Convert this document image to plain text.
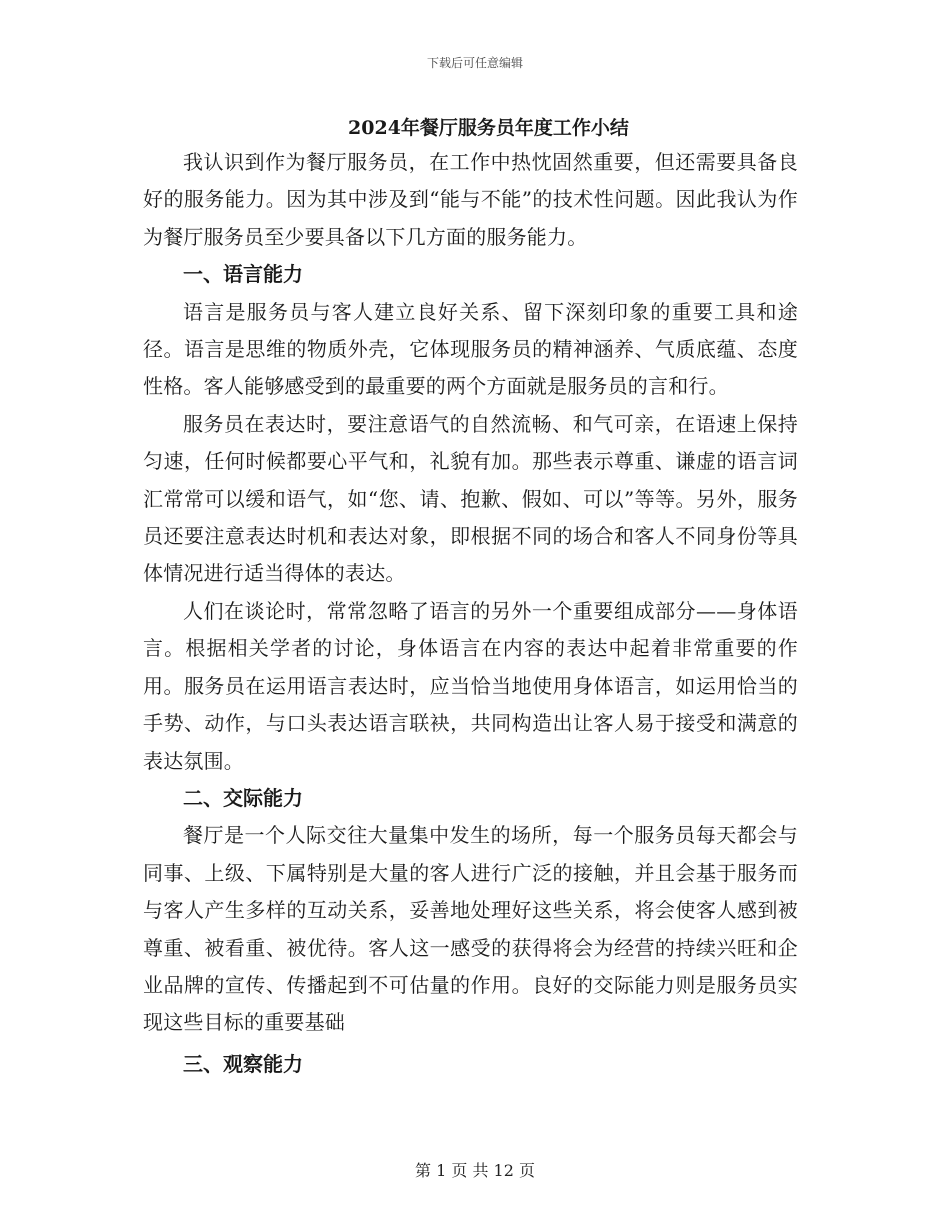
下载后可任意编辑
2024年餐厅服务员年度工作小结

我认识到作为餐厅服务员，在工作中热忱固然重要，但还需要具备良好的服务能力。因为其中涉及到“能与不能”的技术性问题。因此我认为作为餐厅服务员至少要具备以下几方面的服务能力。

一、语言能力

语言是服务员与客人建立良好关系、留下深刻印象的重要工具和途径。语言是思维的物质外壳，它体现服务员的精神涵养、气质底蕴、态度性格。客人能够感受到的最重要的两个方面就是服务员的言和行。

服务员在表达时，要注意语气的自然流畅、和气可亲，在语速上保持匀速，任何时候都要心平气和，礼貌有加。那些表示尊重、谦虚的语言词汇常常可以缓和语气，如“您、请、抱歉、假如、可以”等等。另外，服务员还要注意表达时机和表达对象，即根据不同的场合和客人不同身份等具体情况进行适当得体的表达。

人们在谈论时，常常忽略了语言的另外一个重要组成部分——身体语言。根据相关学者的讨论，身体语言在内容的表达中起着非常重要的作用。服务员在运用语言表达时，应当恰当地使用身体语言，如运用恰当的手势、动作，与口头表达语言联袂，共同构造出让客人易于接受和满意的表达氛围。

二、交际能力

餐厅是一个人际交往大量集中发生的场所，每一个服务员每天都会与同事、上级、下属特别是大量的客人进行广泛的接触，并且会基于服务而与客人产生多样的互动关系，妥善地处理好这些关系，将会使客人感到被尊重、被看重、被优待。客人这一感受的获得将会为经营的持续兴旺和企业品牌的宣传、传播起到不可估量的作用。良好的交际能力则是服务员实现这些目标的重要基础

三、观察能力
第 1 页 共 12 页
